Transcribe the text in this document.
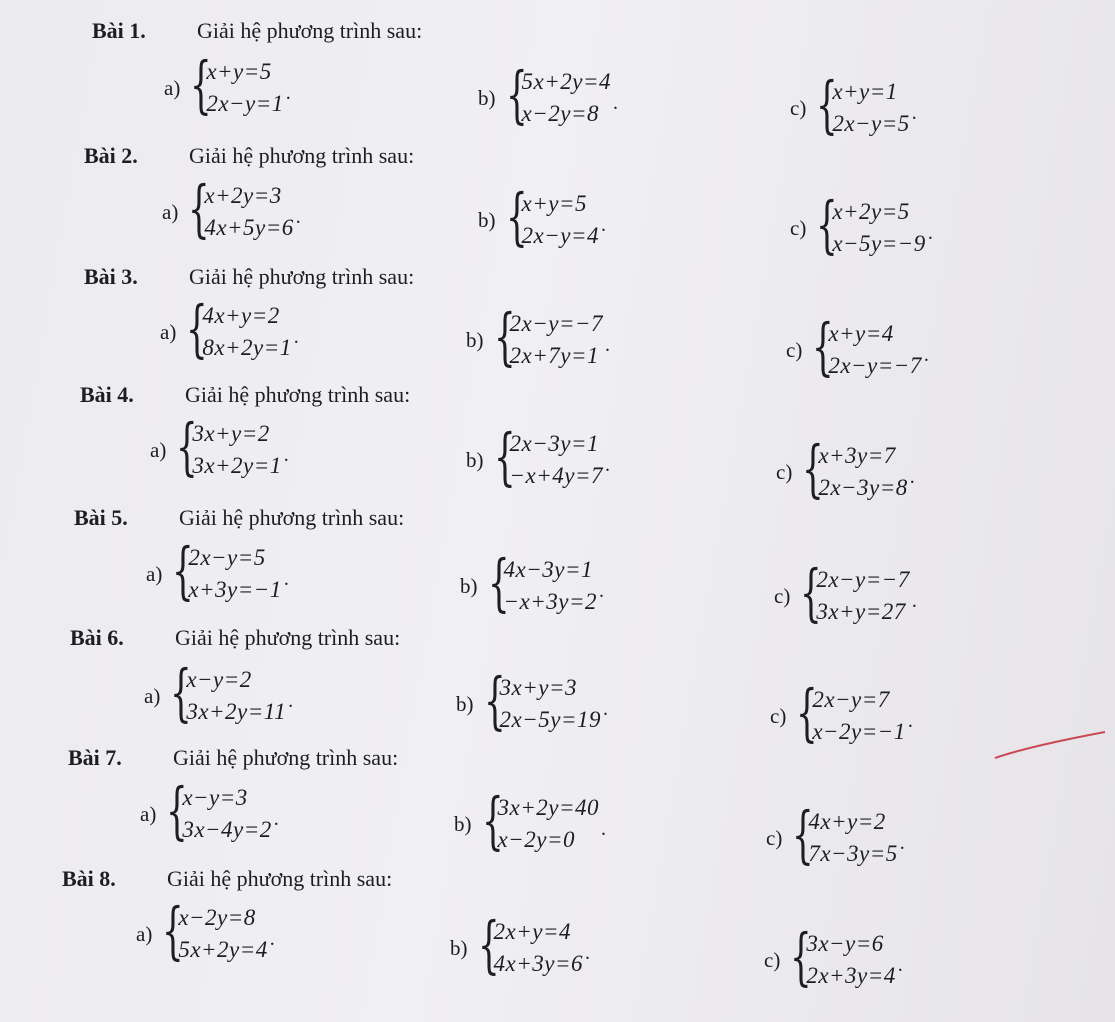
Bài 1. Giải hệ phương trình sau:
a) {
x+y=5
2x−y=1 .	b) {
5x+2y=4
x−2y=8 .	c) {
x+y=1
2x−y=5 .
Bài 2. Giải hệ phương trình sau:
a) {
x+2y=3
4x+5y=6 .	b) {
x+y=5
2x−y=4 .	c) {
x+2y=5
x−5y=−9 .
Bài 3. Giải hệ phương trình sau:
a) {
4x+y=2
8x+2y=1 .	b) {
2x−y=−7
2x+7y=1 .	c) {
x+y=4
2x−y=−7 .
Bài 4. Giải hệ phương trình sau:
a) {
3x+y=2
3x+2y=1 .	b) {
2x−3y=1
−x+4y=7 .	c) {
x+3y=7
2x−3y=8 .
Bài 5. Giải hệ phương trình sau:
a) {
2x−y=5
x+3y=−1 .	b) {
4x−3y=1
−x+3y=2 .	c) {
2x−y=−7
3x+y=27 .
Bài 6. Giải hệ phương trình sau:
a) {
x−y=2
3x+2y=11 .	b) {
3x+y=3
2x−5y=19 .	c) {
2x−y=7
x−2y=−1 .
Bài 7. Giải hệ phương trình sau:
a) {
x−y=3
3x−4y=2 .	b) {
3x+2y=40
x−2y=0	.	c) {
4x+y=2
7x−3y=5 .
Bài 8. Giải hệ phương trình sau:
a) {
x−2y=8
5x+2y=4 .	b) {
2x+y=4
4x+3y=6 .	c) {
3x−y=6
2x+3y=4 .
